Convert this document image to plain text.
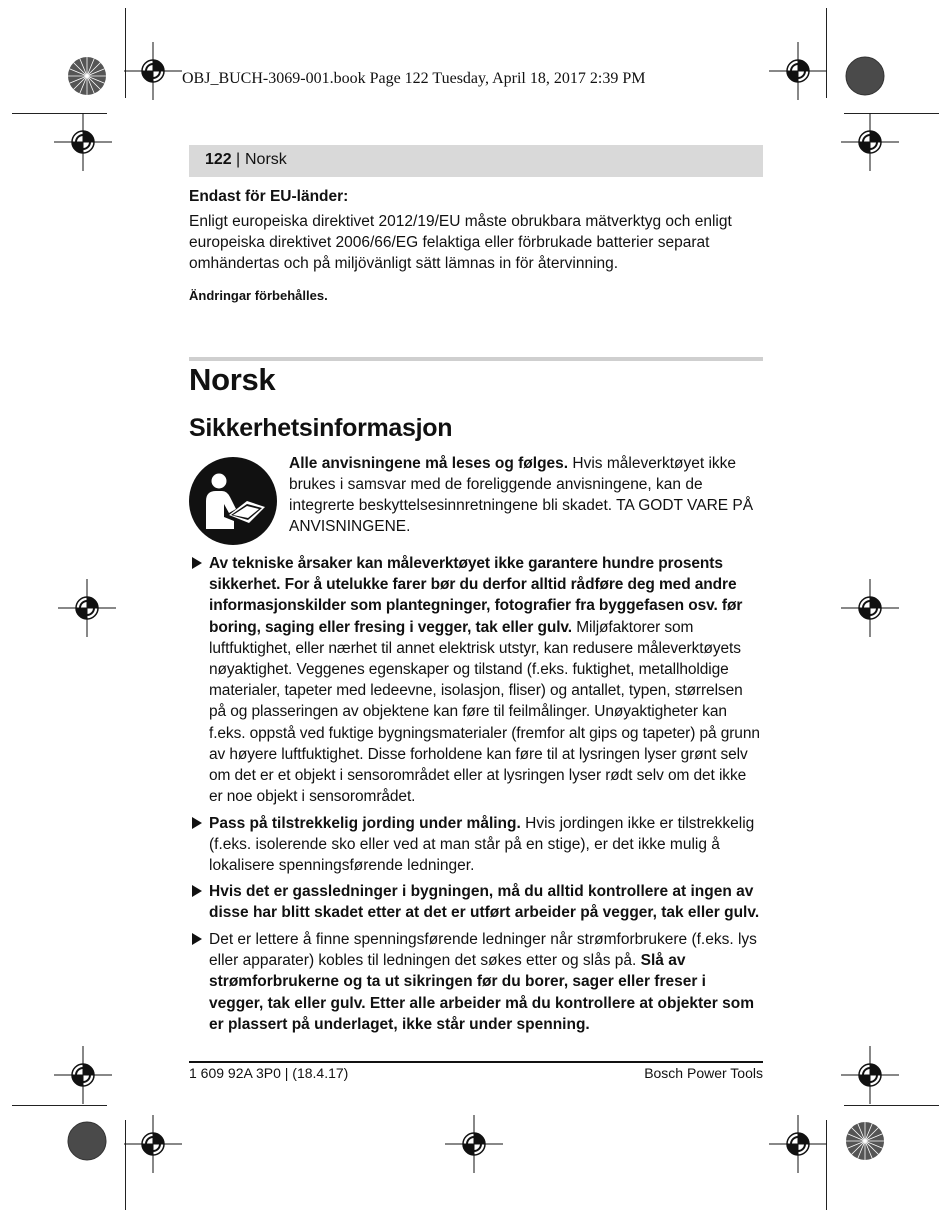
OBJ_BUCH-3069-001.book Page 122 Tuesday, April 18, 2017 2:39 PM
122 | Norsk
Endast för EU-länder:
Enligt europeiska direktivet 2012/19/EU måste obrukbara mätverktyg och enligt europeiska direktivet 2006/66/EG felaktiga eller förbrukade batterier separat omhändertas och på miljövänligt sätt lämnas in för återvinning.
Ändringar förbehålles.
Norsk
Sikkerhetsinformasjon
Alle anvisningene må leses og følges. Hvis måleverktøyet ikke brukes i samsvar med de foreliggende anvisningene, kan de integrerte beskyttelsesinnretningene bli skadet. TA GODT VARE PÅ ANVISNINGENE.
Av tekniske årsaker kan måleverktøyet ikke garantere hundre prosents sikkerhet. For å utelukke farer bør du derfor alltid rådføre deg med andre informasjonskilder som plantegninger, fotografier fra byggefasen osv. før boring, saging eller fresing i vegger, tak eller gulv. Miljøfaktorer som luftfuktighet, eller nærhet til annet elektrisk utstyr, kan redusere måleverktøyets nøyaktighet. Veggenes egenskaper og tilstand (f.eks. fuktighet, metallholdige materialer, tapeter med ledeevne, isolasjon, fliser) og antallet, typen, størrelsen på og plasseringen av objektene kan føre til feilmålinger. Unøyaktigheter kan f.eks. oppstå ved fuktige bygningsmaterialer (fremfor alt gips og tapeter) på grunn av høyere luftfuktighet. Disse forholdene kan føre til at lysringen lyser grønt selv om det er et objekt i sensorområdet eller at lysringen lyser rødt selv om det ikke er noe objekt i sensorområdet.
Pass på tilstrekkelig jording under måling. Hvis jordingen ikke er tilstrekkelig (f.eks. isolerende sko eller ved at man står på en stige), er det ikke mulig å lokalisere spenningsførende ledninger.
Hvis det er gassledninger i bygningen, må du alltid kontrollere at ingen av disse har blitt skadet etter at det er utført arbeider på vegger, tak eller gulv.
Det er lettere å finne spenningsførende ledninger når strømforbrukere (f.eks. lys eller apparater) kobles til ledningen det søkes etter og slås på. Slå av strømforbrukerne og ta ut sikringen før du borer, sager eller freser i vegger, tak eller gulv. Etter alle arbeider må du kontrollere at objekter som er plassert på underlaget, ikke står under spenning.
1 609 92A 3P0 | (18.4.17)	Bosch Power Tools
